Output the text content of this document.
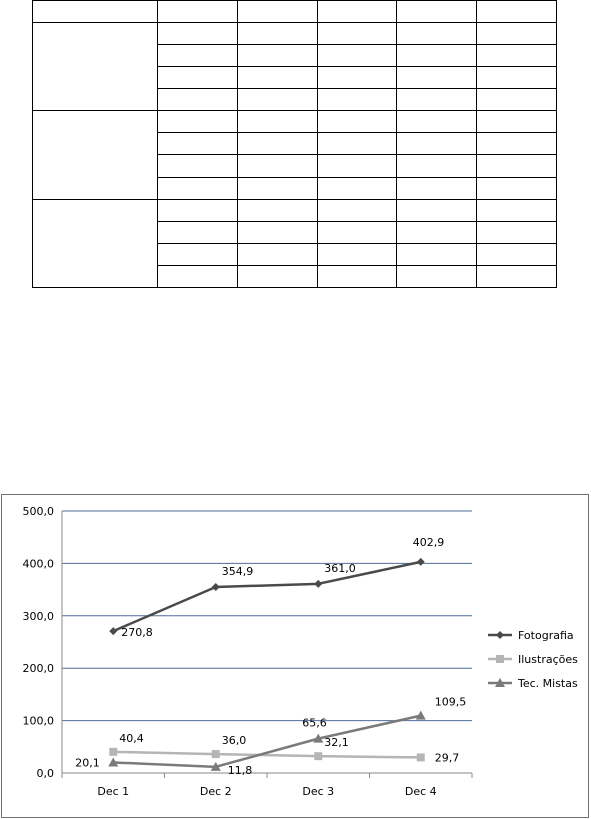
0,0
100,0
200,0
300,0
400,0
500,0
Dec 1	Dec 2	Dec 3	Dec 4
270,8
354,9	361,0
402,9
40,4	36,0	32,1
29,7
20,1
11,8
65,6
109,5
Fotografia
Ilustrações
Tec. Mistas
